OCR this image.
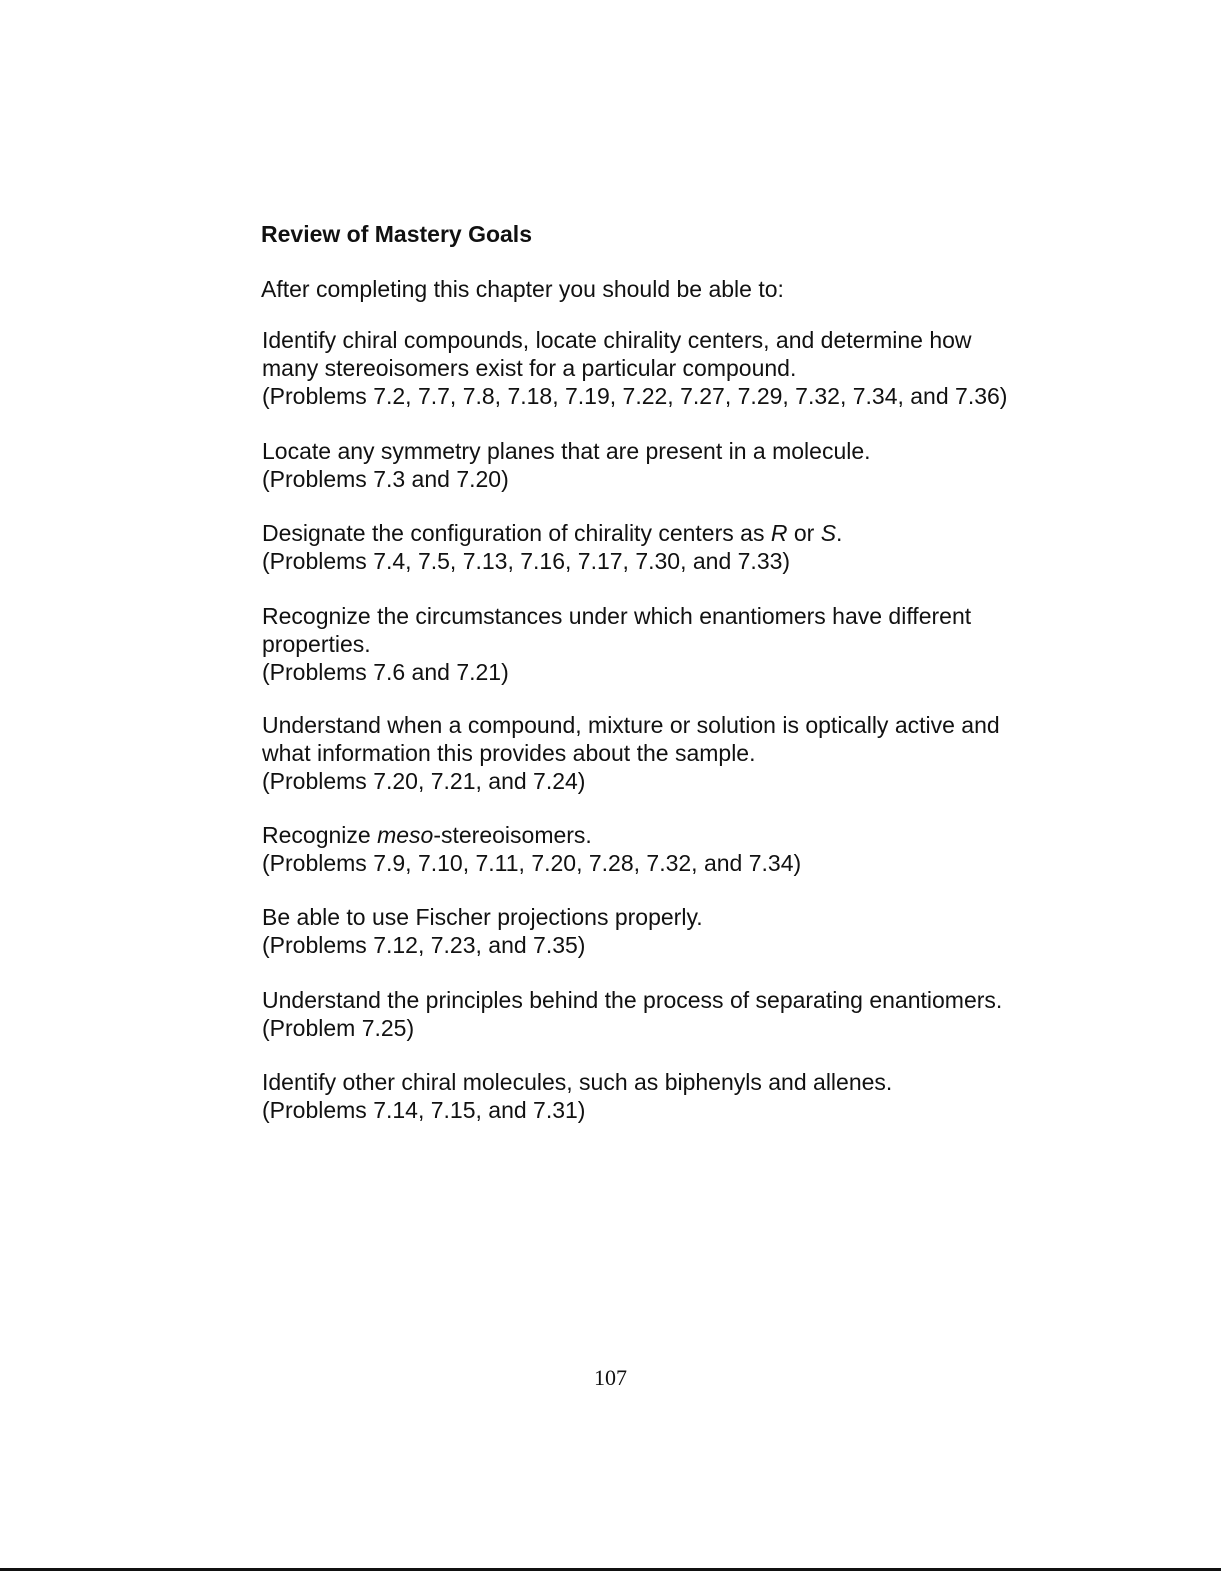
Review of Mastery Goals

After completing this chapter you should be able to:

Identify chiral compounds, locate chirality centers, and determine how

many stereoisomers exist for a particular compound.

(Problems 7.2, 7.7, 7.8, 7.18, 7.19, 7.22, 7.27, 7.29, 7.32, 7.34, and 7.36)

Locate any symmetry planes that are present in a molecule.

(Problems 7.3 and 7.20)

Designate the configuration of chirality centers as R or S.

(Problems 7.4, 7.5, 7.13, 7.16, 7.17, 7.30, and 7.33)

Recognize the circumstances under which enantiomers have different

properties.

(Problems 7.6 and 7.21)

Understand when a compound, mixture or solution is optically active and

what information this provides about the sample.

(Problems 7.20, 7.21, and 7.24)

Recognize meso-stereoisomers.

(Problems 7.9, 7.10, 7.11, 7.20, 7.28, 7.32, and 7.34)

Be able to use Fischer projections properly.

(Problems 7.12, 7.23, and 7.35)

Understand the principles behind the process of separating enantiomers.

(Problem 7.25)

Identify other chiral molecules, such as biphenyls and allenes.

(Problems 7.14, 7.15, and 7.31)

107
